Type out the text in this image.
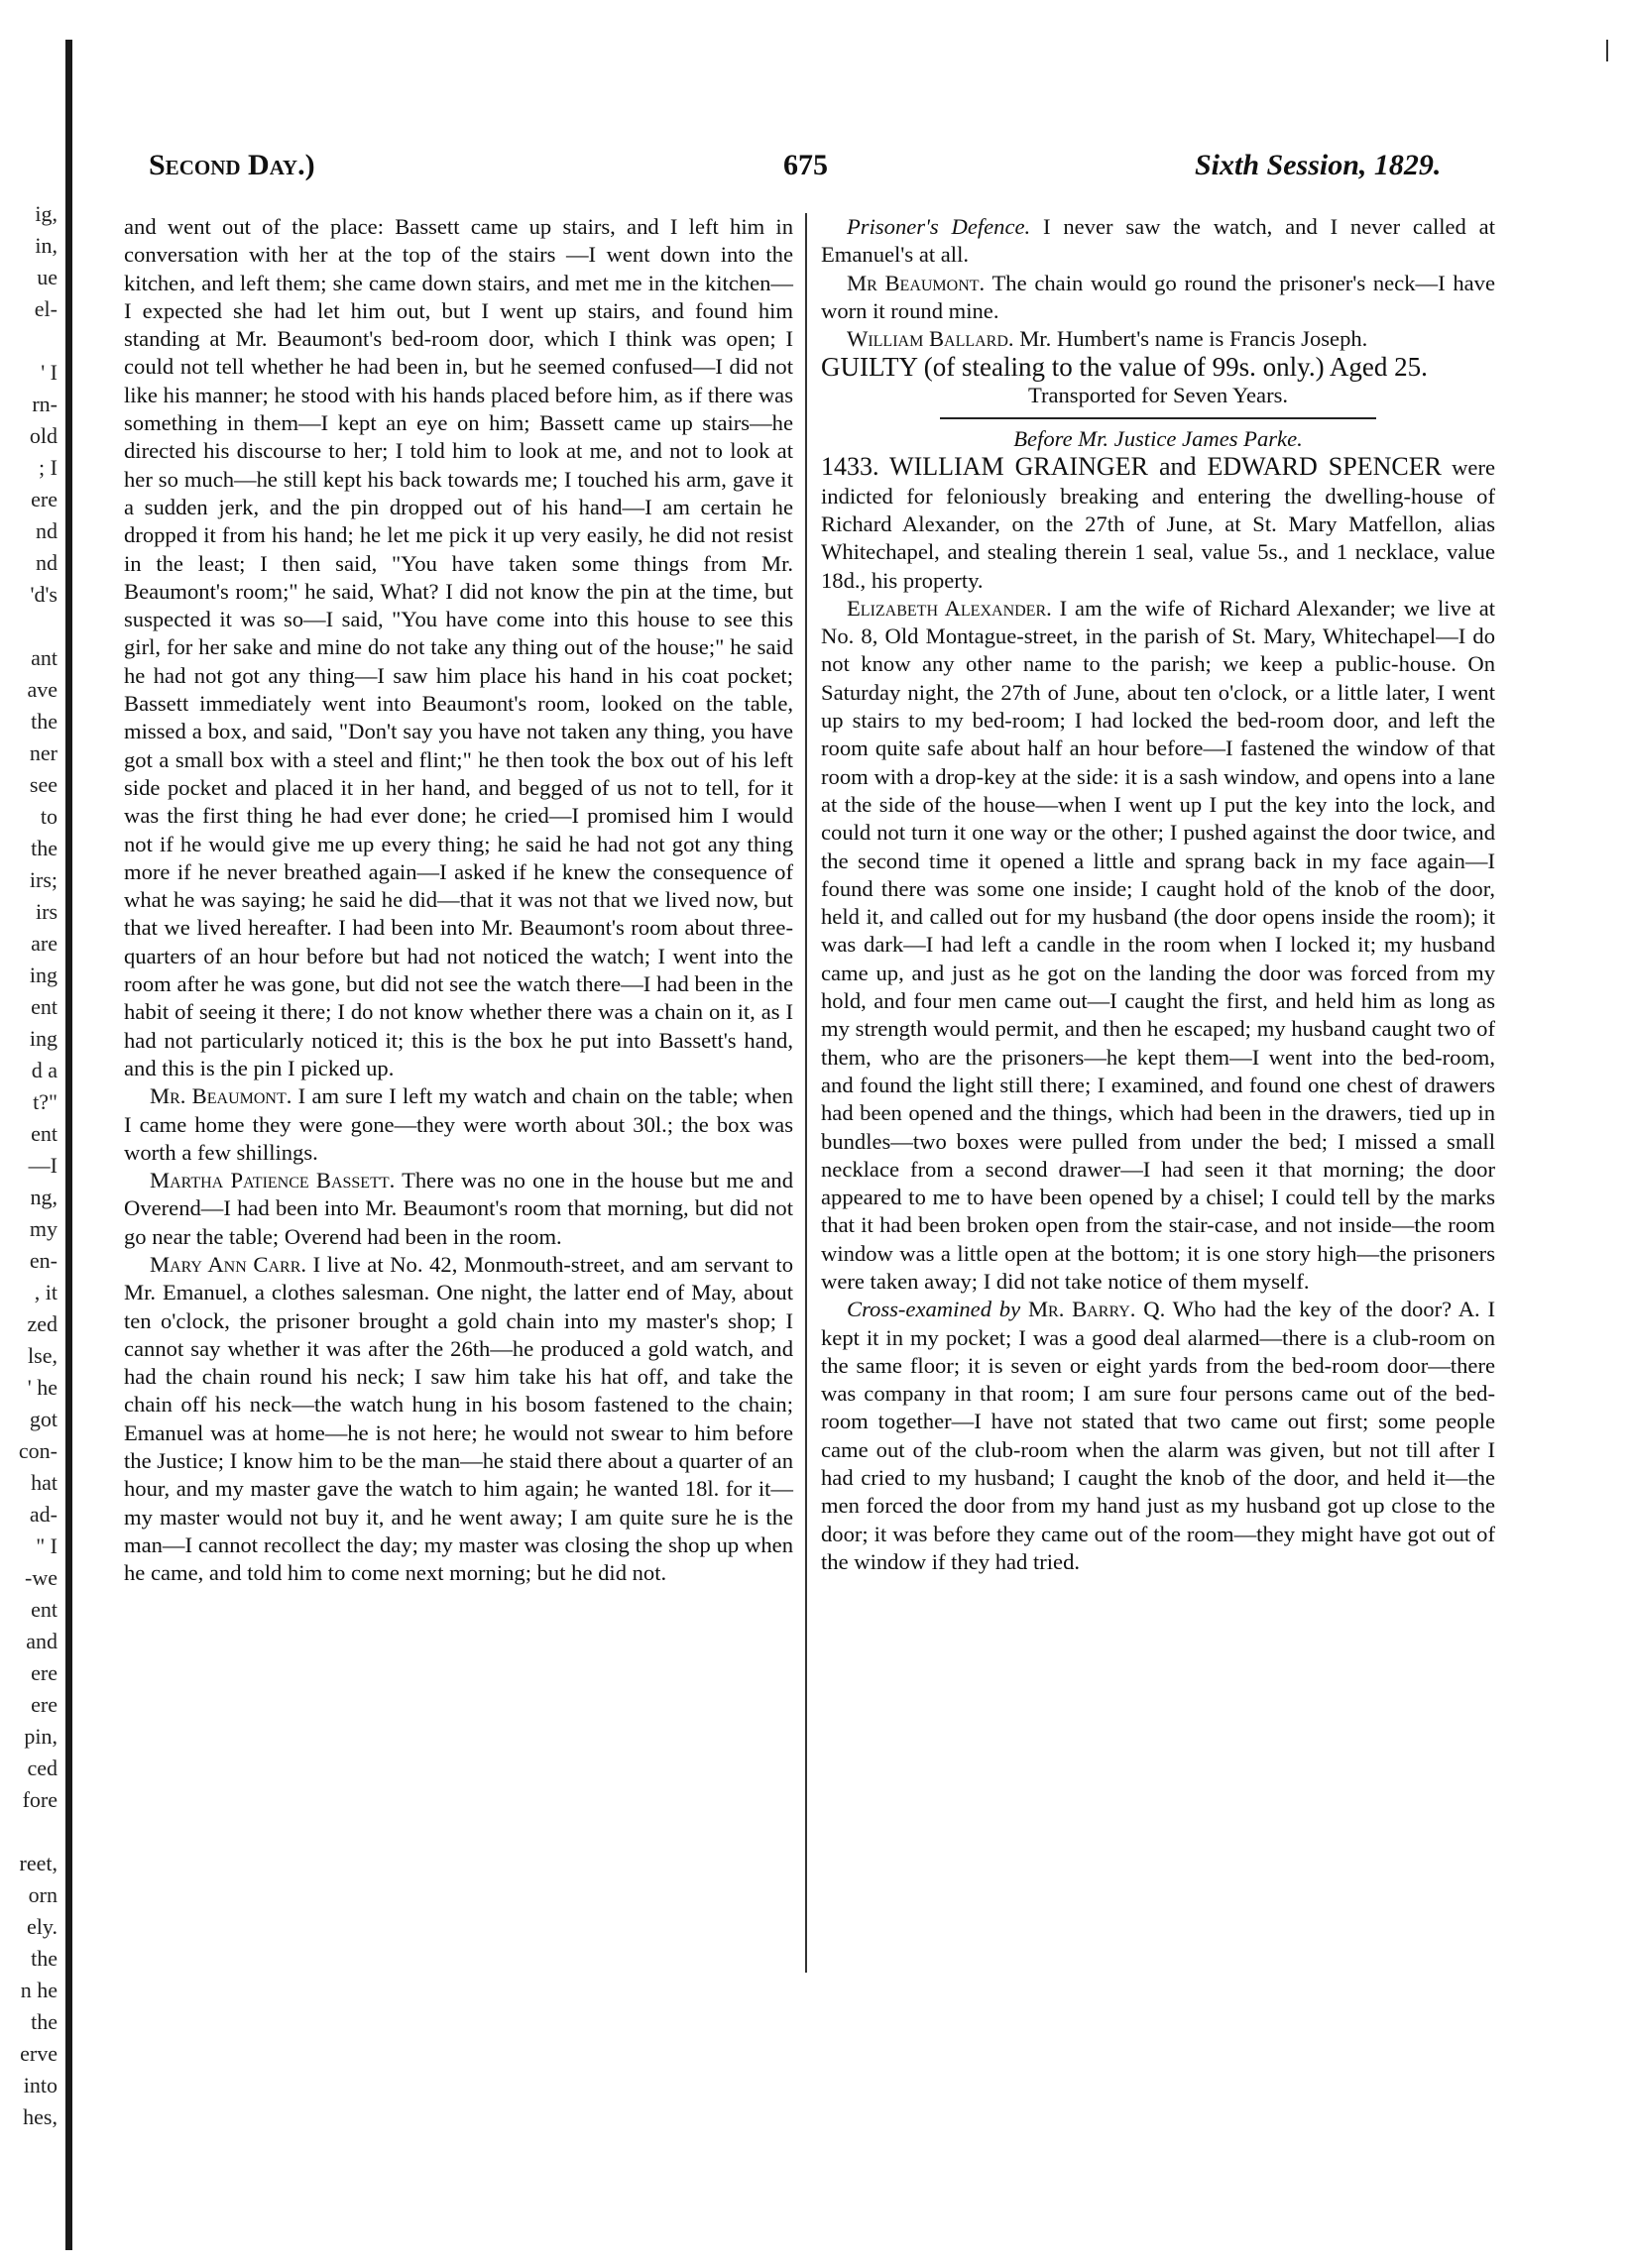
ig,
in,
ue
el-

' I
rn-
old
; I
ere
nd
nd
'd's

ant
ave
the
ner
see
to
the
irs;
irs
are
ing
ent
ing
d a
t?"
ent
—I
ng,
my
en-
, it
zed
lse,
' he
got
con-
hat
ad-
" I
-we
ent
and
ere
ere
pin,
ced
fore

reet,
orn
ely.
the
n he
the
erve
into
hes,
Second Day.)	675	Sixth Session, 1829.

and went out of the place: Bassett came up stairs, and I left him in conversation with her at the top of the stairs —I went down into the kitchen, and left them; she came down stairs, and met me in the kitchen—I expected she had let him out, but I went up stairs, and found him standing at Mr. Beaumont's bed-room door, which I think was open; I could not tell whether he had been in, but he seemed confused—I did not like his manner; he stood with his hands placed before him, as if there was something in them—I kept an eye on him; Bassett came up stairs—he directed his discourse to her; I told him to look at me, and not to look at her so much—he still kept his back towards me; I touched his arm, gave it a sudden jerk, and the pin dropped out of his hand—I am certain he dropped it from his hand; he let me pick it up very easily, he did not resist in the least; I then said, "You have taken some things from Mr. Beaumont's room;" he said, What? I did not know the pin at the time, but suspected it was so—I said, "You have come into this house to see this girl, for her sake and mine do not take any thing out of the house;" he said he had not got any thing—I saw him place his hand in his coat pocket; Bassett immediately went into Beaumont's room, looked on the table, missed a box, and said, "Don't say you have not taken any thing, you have got a small box with a steel and flint;" he then took the box out of his left side pocket and placed it in her hand, and begged of us not to tell, for it was the first thing he had ever done; he cried—I promised him I would not if he would give me up every thing; he said he had not got any thing more if he never breathed again—I asked if he knew the consequence of what he was saying; he said he did—that it was not that we lived now, but that we lived hereafter. I had been into Mr. Beaumont's room about three-quarters of an hour before but had not noticed the watch; I went into the room after he was gone, but did not see the watch there—I had been in the habit of seeing it there; I do not know whether there was a chain on it, as I had not particularly noticed it; this is the box he put into Bassett's hand, and this is the pin I picked up.

Mr. Beaumont. I am sure I left my watch and chain on the table; when I came home they were gone—they were worth about 30l.; the box was worth a few shillings.

Martha Patience Bassett. There was no one in the house but me and Overend—I had been into Mr. Beaumont's room that morning, but did not go near the table; Overend had been in the room.

Mary Ann Carr. I live at No. 42, Monmouth-street, and am servant to Mr. Emanuel, a clothes salesman. One night, the latter end of May, about ten o'clock, the prisoner brought a gold chain into my master's shop; I cannot say whether it was after the 26th—he produced a gold watch, and had the chain round his neck; I saw him take his hat off, and take the chain off his neck—the watch hung in his bosom fastened to the chain; Emanuel was at home—he is not here; he would not swear to him before the Justice; I know him to be the man—he staid there about a quarter of an hour, and my master gave the watch to him again; he wanted 18l. for it—my master would not buy it, and he went away; I am quite sure he is the man—I cannot recollect the day; my master was closing the shop up when he came, and told him to come next morning; but he did not.

Prisoner's Defence. I never saw the watch, and I never called at Emanuel's at all.

Mr Beaumont. The chain would go round the prisoner's neck—I have worn it round mine.

William Ballard. Mr. Humbert's name is Francis Joseph.

GUILTY (of stealing to the value of 99s. only.) Aged 25.

Transported for Seven Years.

Before Mr. Justice James Parke.

1433. WILLIAM GRAINGER and EDWARD SPENCER were indicted for feloniously breaking and entering the dwelling-house of Richard Alexander, on the 27th of June, at St. Mary Matfellon, alias Whitechapel, and stealing therein 1 seal, value 5s., and 1 necklace, value 18d., his property.

Elizabeth Alexander. I am the wife of Richard Alexander; we live at No. 8, Old Montague-street, in the parish of St. Mary, Whitechapel—I do not know any other name to the parish; we keep a public-house. On Saturday night, the 27th of June, about ten o'clock, or a little later, I went up stairs to my bed-room; I had locked the bed-room door, and left the room quite safe about half an hour before—I fastened the window of that room with a drop-key at the side: it is a sash window, and opens into a lane at the side of the house—when I went up I put the key into the lock, and could not turn it one way or the other; I pushed against the door twice, and the second time it opened a little and sprang back in my face again—I found there was some one inside; I caught hold of the knob of the door, held it, and called out for my husband (the door opens inside the room); it was dark—I had left a candle in the room when I locked it; my husband came up, and just as he got on the landing the door was forced from my hold, and four men came out—I caught the first, and held him as long as my strength would permit, and then he escaped; my husband caught two of them, who are the prisoners—he kept them—I went into the bed-room, and found the light still there; I examined, and found one chest of drawers had been opened and the things, which had been in the drawers, tied up in bundles—two boxes were pulled from under the bed; I missed a small necklace from a second drawer—I had seen it that morning; the door appeared to me to have been opened by a chisel; I could tell by the marks that it had been broken open from the stair-case, and not inside—the room window was a little open at the bottom; it is one story high—the prisoners were taken away; I did not take notice of them myself.

Cross-examined by Mr. Barry. Q. Who had the key of the door? A. I kept it in my pocket; I was a good deal alarmed—there is a club-room on the same floor; it is seven or eight yards from the bed-room door—there was company in that room; I am sure four persons came out of the bed-room together—I have not stated that two came out first; some people came out of the club-room when the alarm was given, but not till after I had cried to my husband; I caught the knob of the door, and held it—the men forced the door from my hand just as my husband got up close to the door; it was before they came out of the room—they might have got out of the window if they had tried.
